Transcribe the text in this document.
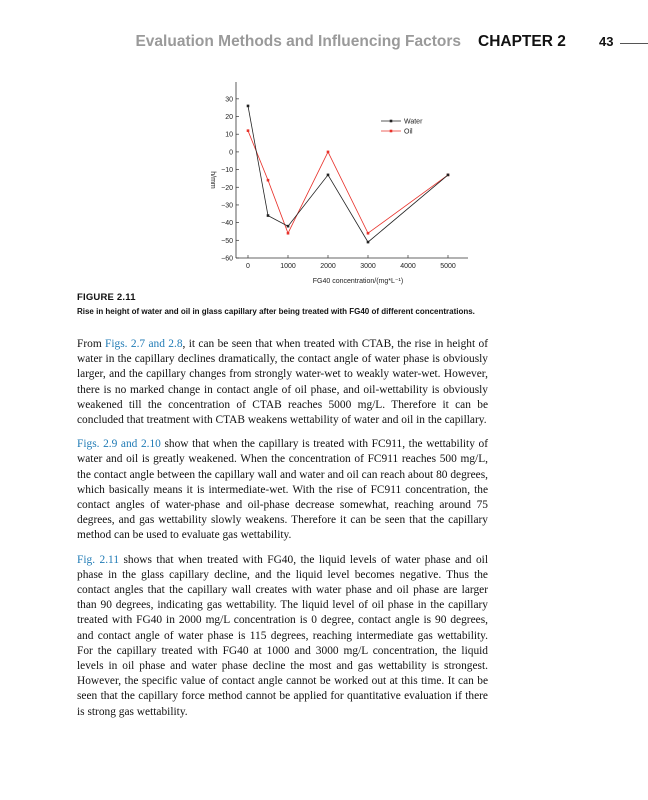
Evaluation Methods and Influencing Factors CHAPTER 2	43
30
20
10
0
−10
−20
−30
−40
−50
−60
0	1000	2000	3000	4000	5000
FG40 concentration/(mg*L⁻¹)
h/mm
Water
Oil
FIGURE 2.11
Rise in height of water and oil in glass capillary after being treated with FG40 of different concentrations.

From Figs. 2.7 and 2.8, it can be seen that when treated with CTAB, the rise in height of water in the capillary declines dramatically, the contact angle of water phase is obviously larger, and the capillary changes from strongly water-wet to weakly water-wet. However, there is no marked change in contact angle of oil phase, and oil-wettability is obviously weakened till the concentration of CTAB reaches 5000 mg/L. Therefore it can be concluded that treatment with CTAB weakens wettability of water and oil in the capillary.

Figs. 2.9 and 2.10 show that when the capillary is treated with FC911, the wettability of water and oil is greatly weakened. When the concentration of FC911 reaches 500 mg/L, the contact angle between the capillary wall and water and oil can reach about 80 degrees, which basically means it is intermediate-wet. With the rise of FC911 concentration, the contact angles of water-phase and oil-phase decrease somewhat, reaching around 75 degrees, and gas wettability slowly weakens. Therefore it can be seen that the capillary method can be used to evaluate gas wettability.

Fig. 2.11 shows that when treated with FG40, the liquid levels of water phase and oil phase in the glass capillary decline, and the liquid level becomes negative. Thus the contact angles that the capillary wall creates with water phase and oil phase are larger than 90 degrees, indicating gas wettability. The liquid level of oil phase in the capillary treated with FG40 in 2000 mg/L concentration is 0 degree, contact angle is 90 degrees, and contact angle of water phase is 115 degrees, reaching intermediate gas wettability. For the capillary treated with FG40 at 1000 and 3000 mg/L concentration, the liquid levels in oil phase and water phase decline the most and gas wettability is strongest. However, the specific value of contact angle cannot be worked out at this time. It can be seen that the capillary force method cannot be applied for quantitative evaluation if there is strong gas wettability.
